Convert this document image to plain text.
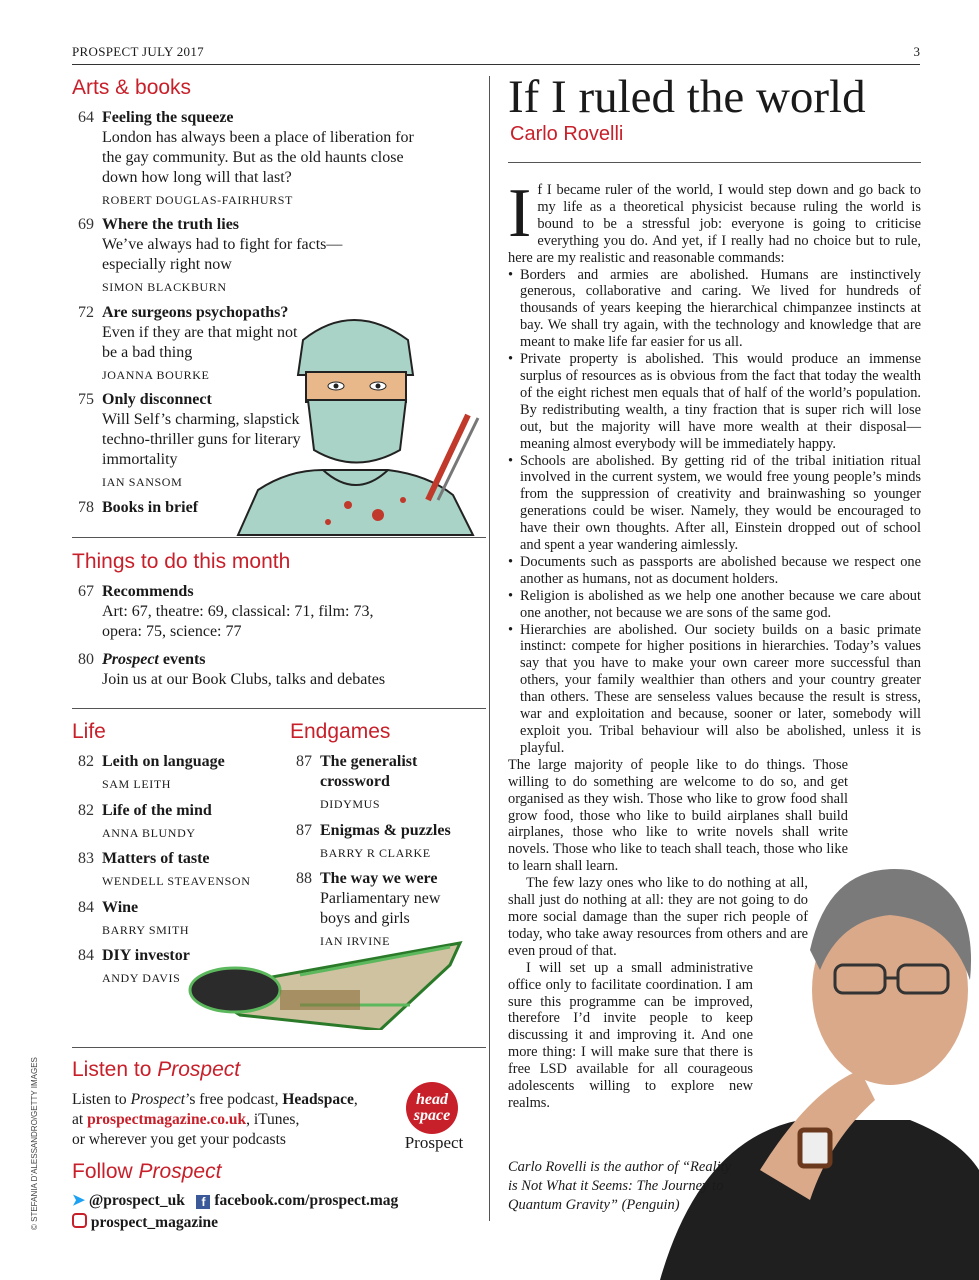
PROSPECT JULY 2017	3
Arts & books
64 Feeling the squeeze
London has always been a place of liberation for
the gay community. But as the old haunts close
down how long will that last?
ROBERT DOUGLAS-FAIRHURST
69 Where the truth lies
We’ve always had to fight for facts—
especially right now
SIMON BLACKBURN
72 Are surgeons psychopaths?
Even if they are that might not
be a bad thing
JOANNA BOURKE
75 Only disconnect
Will Self’s charming, slapstick
techno-thriller guns for literary
immortality
IAN SANSOM
78 Books in brief
Things to do this month
67 Recommends
Art: 67, theatre: 69, classical: 71, film: 73,
opera: 75, science: 77
80 Prospect events
Join us at our Book Clubs, talks and debates
Life
82 Leith on language
SAM LEITH
82 Life of the mind
ANNA BLUNDY
83 Matters of taste
WENDELL STEAVENSON
84 Wine
BARRY SMITH
84 DIY investor
ANDY DAVIS
Endgames
87 The generalist
crossword
DIDYMUS
87 Enigmas & puzzles
BARRY R CLARKE
88 The way we were
Parliamentary new
boys and girls
IAN IRVINE
Listen to Prospect
Listen to Prospect’s free podcast, Headspace,
at prospectmagazine.co.uk, iTunes,
or wherever you get your podcasts
head
space
Prospect
Follow Prospect
➤ @prospect_uk f facebook.com/prospect.mag
prospect_magazine
© STEFANIA D’ALESSANDRO/GETTY IMAGES
If I ruled the world
Carlo Rovelli

If I became ruler of the world, I would step down and go back to my life as a theoretical physicist because ruling the world is bound to be a stressful job: everyone is going to criticise everything you do. And yet, if I really had no choice but to rule, here are my realistic and reasonable commands:

• Borders and armies are abolished. Humans are instinctively generous, collaborative and caring. We lived for hundreds of thousands of years keeping the hierarchical chimpanzee instincts at bay. We shall try again, with the technology and knowledge that are meant to make life far easier for us all.
• Private property is abolished. This would produce an immense surplus of resources as is obvious from the fact that today the wealth of the eight richest men equals that of half of the world’s population. By redistributing wealth, a tiny fraction that is super rich will lose out, but the majority will have more wealth at their disposal—meaning almost everybody will be immediately happy.
• Schools are abolished. By getting rid of the tribal initiation ritual involved in the current system, we would free young people’s minds from the suppression of creativity and brainwashing so younger generations could be wiser. Namely, they would be encouraged to have their own thoughts. After all, Einstein dropped out of school and spent a year wandering aimlessly.
• Documents such as passports are abolished because we respect one another as humans, not as document holders.
• Religion is abolished as we help one another because we care about one another, not because we are sons of the same god.
• Hierarchies are abolished. Our society builds on a basic primate instinct: compete for higher positions in hierarchies. Today’s values say that you have to make your own career more successful than others, your family wealthier than others and your country greater than others. These are senseless values because the result is stress, war and exploitation and because, sooner or later, somebody will exploit you. Tribal behaviour will also be abolished, unless it is playful.

The large majority of people like to do things. Those willing to do something are welcome to do so, and get organised as they wish. Those who like to grow food shall grow food, those who like to build airplanes shall build airplanes, those who like to write novels shall write novels. Those who like to teach shall teach, those who like to learn shall learn.

The few lazy ones who like to do nothing at all, shall just do nothing at all: they are not going to do more social damage than the super rich people of today, who take away resources from others and are even proud of that.

I will set up a small administrative office only to facilitate coordination. I am sure this programme can be improved, therefore I’d invite people to keep discussing it and improving it. And one more thing: I will make sure that there is free LSD available for all courageous adolescents willing to explore new realms.

Carlo Rovelli is the author of “Reality is Not What it Seems: The Journey to Quantum Gravity” (Penguin)
